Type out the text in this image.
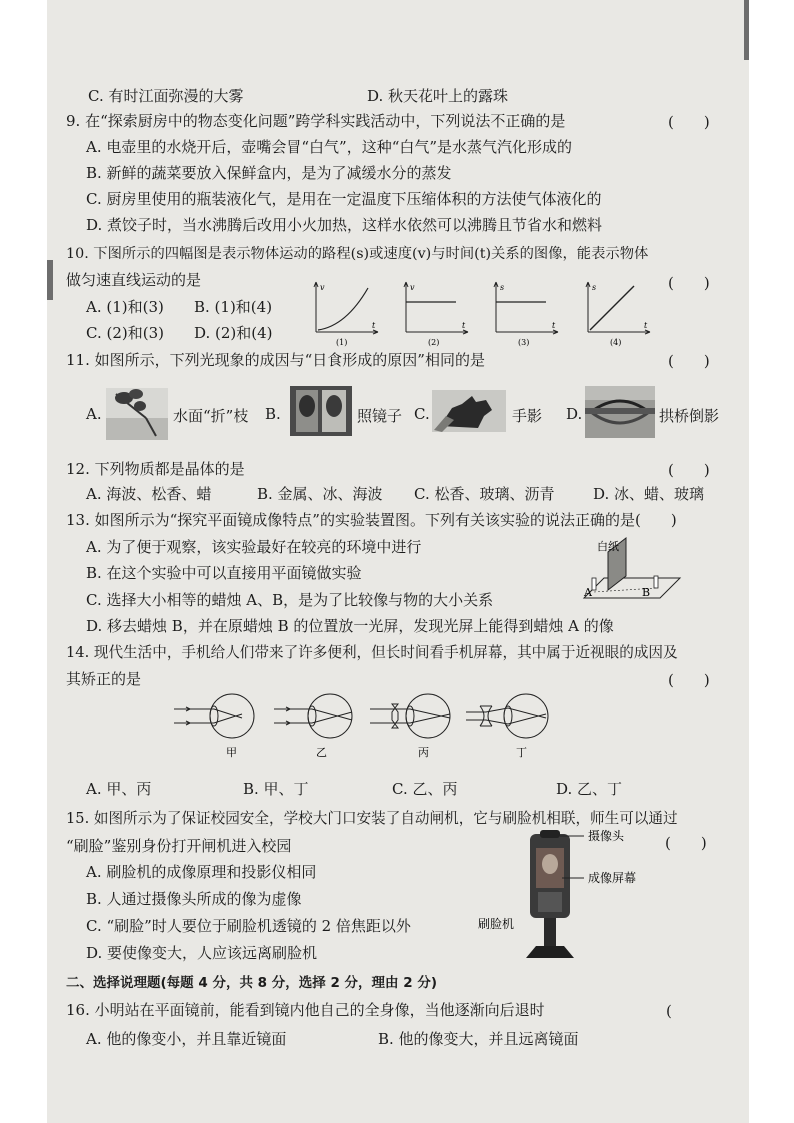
C. 有时江面弥漫的大雾	D. 秋天花叶上的露珠
9. 在“探索厨房中的物态变化问题”跨学科实践活动中，下列说法不正确的是	(　　)
A. 电壶里的水烧开后，壶嘴会冒“白气”，这种“白气”是水蒸气汽化形成的
B. 新鲜的蔬菜要放入保鲜盒内，是为了减缓水分的蒸发
C. 厨房里使用的瓶装液化气，是用在一定温度下压缩体积的方法使气体液化的
D. 煮饺子时，当水沸腾后改用小火加热，这样水依然可以沸腾且节省水和燃料
10. 下图所示的四幅图是表示物体运动的路程(s)或速度(v)与时间(t)关系的图像，能表示物体
做匀速直线运动的是	(　　)
A. (1)和(3) B. (1)和(4)
C. (2)和(3) D. (2)和(4)
v
t
(1)
v
t
(2)
s
t
(3)
s
t
(4)
11. 如图所示，下列光现象的成因与“日食形成的原因”相同的是	(　　)
A.	水面“折”枝 B.	照镜子 C.	手影 D.	拱桥倒影
12. 下列物质都是晶体的是	(　　)
A. 海波、松香、蜡	B. 金属、冰、海波 C. 松香、玻璃、沥青	D. 冰、蜡、玻璃
13. 如图所示为“探究平面镜成像特点”的实验装置图。下列有关该实验的说法正确的是(　　)
A. 为了便于观察，该实验最好在较亮的环境中进行
B. 在这个实验中可以直接用平面镜做实验
C. 选择大小相等的蜡烛 A、B，是为了比较像与物的大小关系
D. 移去蜡烛 B，并在原蜡烛 B 的位置放一光屏，发现光屏上能得到蜡烛 A 的像
白纸
A	B
14. 现代生活中，手机给人们带来了许多便利，但长时间看手机屏幕，其中属于近视眼的成因及
其矫正的是	(　　)
甲	乙	丙	丁
A. 甲、丙	B. 甲、丁	C. 乙、丙	D. 乙、丁
15. 如图所示为了保证校园安全，学校大门口安装了自动闸机，它与刷脸机相联，师生可以通过
“刷脸”鉴别身份打开闸机进入校园	(　　)
A. 刷脸机的成像原理和投影仪相同
B. 人通过摄像头所成的像为虚像
C. “刷脸”时人要位于刷脸机透镜的 2 倍焦距以外
D. 要使像变大，人应该远离刷脸机
摄像头
成像屏幕
刷脸机
二、选择说理题(每题 4 分，共 8 分，选择 2 分，理由 2 分)
16. 小明站在平面镜前，能看到镜内他自己的全身像，当他逐渐向后退时	(
A. 他的像变小，并且靠近镜面	B. 他的像变大，并且远离镜面
